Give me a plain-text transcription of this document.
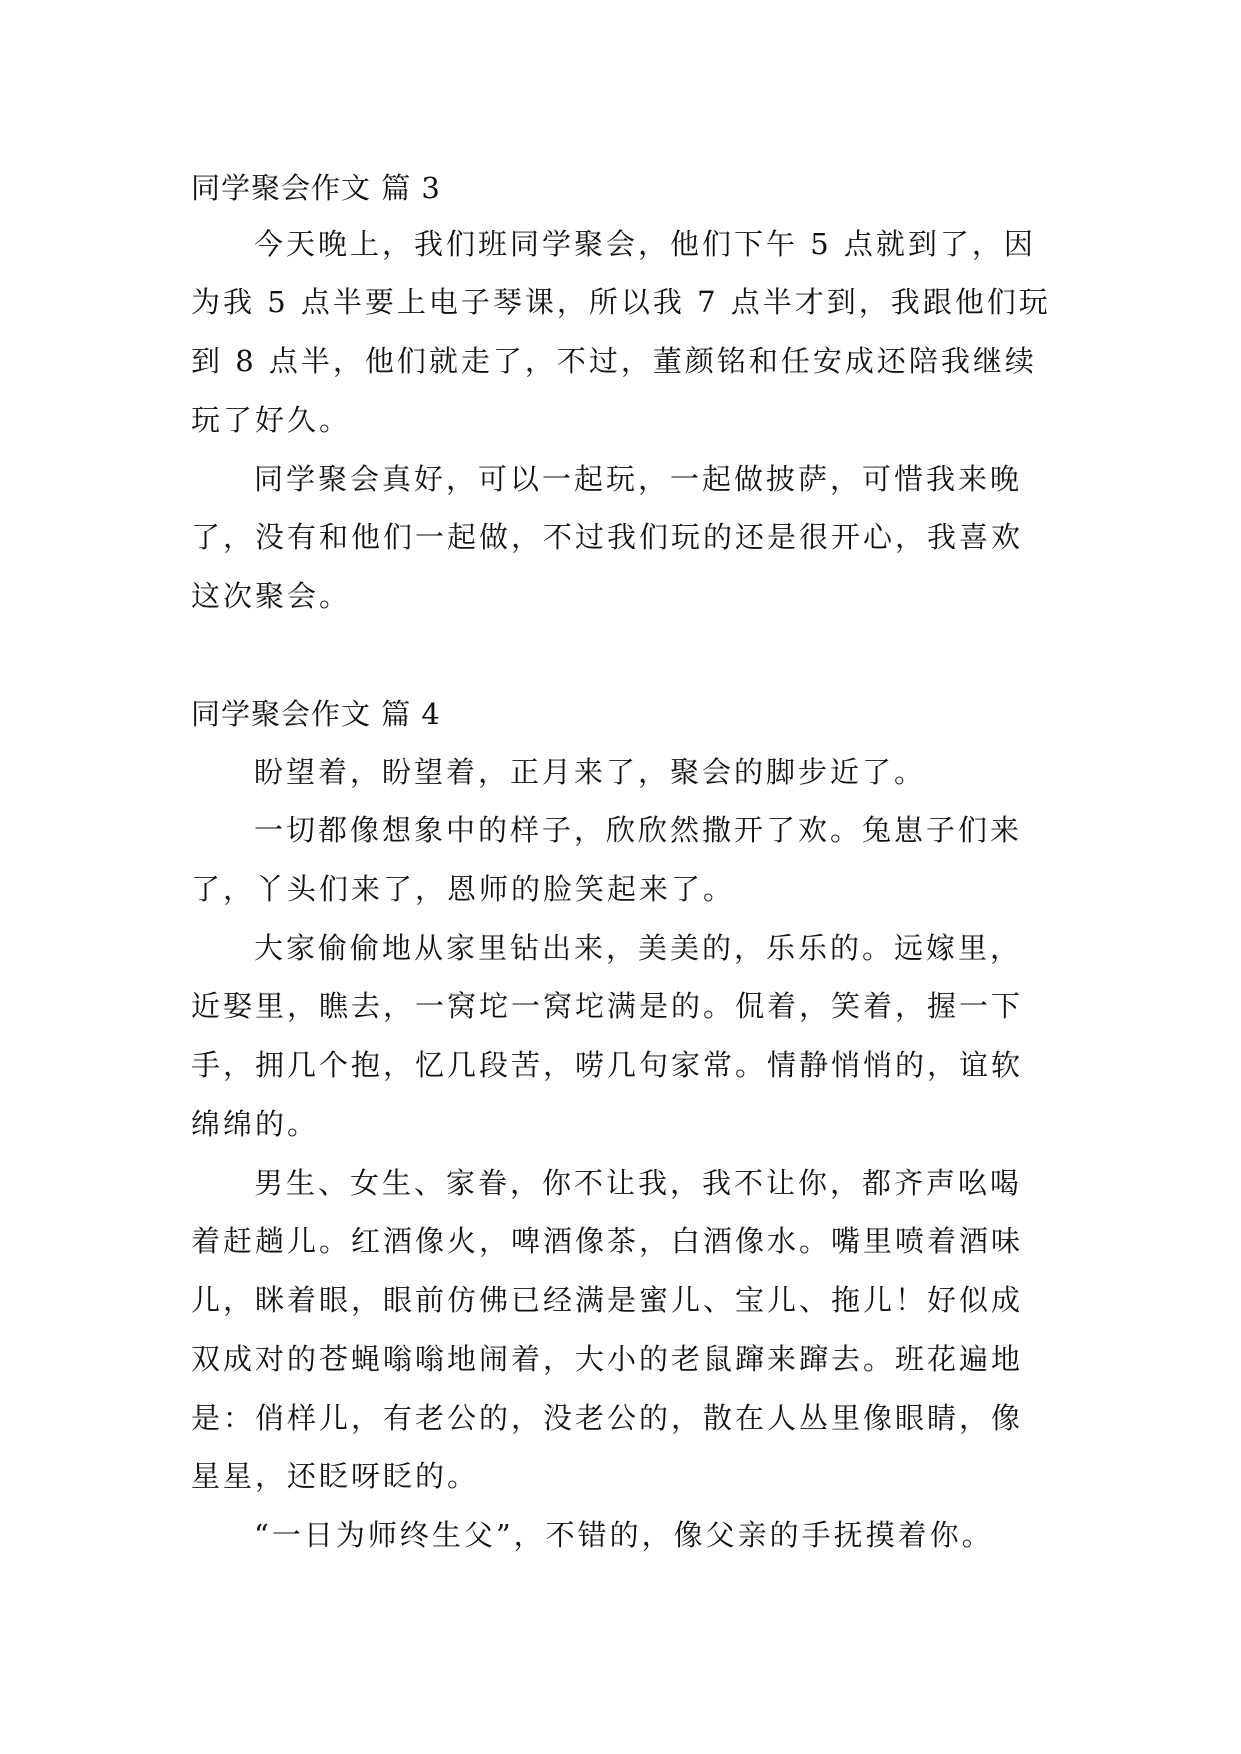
同学聚会作文 篇 3
今天晚上，我们班同学聚会，他们下午 5 点就到了，因
为我 5 点半要上电子琴课，所以我 7 点半才到，我跟他们玩
到 8 点半，他们就走了，不过，董颜铭和任安成还陪我继续
玩了好久。
同学聚会真好，可以一起玩，一起做披萨，可惜我来晚
了，没有和他们一起做，不过我们玩的还是很开心，我喜欢
这次聚会。
同学聚会作文 篇 4
盼望着，盼望着，正月来了，聚会的脚步近了。
一切都像想象中的样子，欣欣然撒开了欢。兔崽子们来
了，丫头们来了，恩师的脸笑起来了。
大家偷偷地从家里钻出来，美美的，乐乐的。远嫁里，
近娶里，瞧去，一窝坨一窝坨满是的。侃着，笑着，握一下
手，拥几个抱，忆几段苦，唠几句家常。情静悄悄的，谊软
绵绵的。
男生、女生、家眷，你不让我，我不让你，都齐声吆喝
着赶趟儿。红酒像火，啤酒像茶，白酒像水。嘴里喷着酒味
儿，眯着眼，眼前仿佛已经满是蜜儿、宝儿、拖儿！好似成
双成对的苍蝇嗡嗡地闹着，大小的老鼠蹿来蹿去。班花遍地
是：俏样儿，有老公的，没老公的，散在人丛里像眼睛，像
星星，还眨呀眨的。
“一日为师终生父”，不错的，像父亲的手抚摸着你。
